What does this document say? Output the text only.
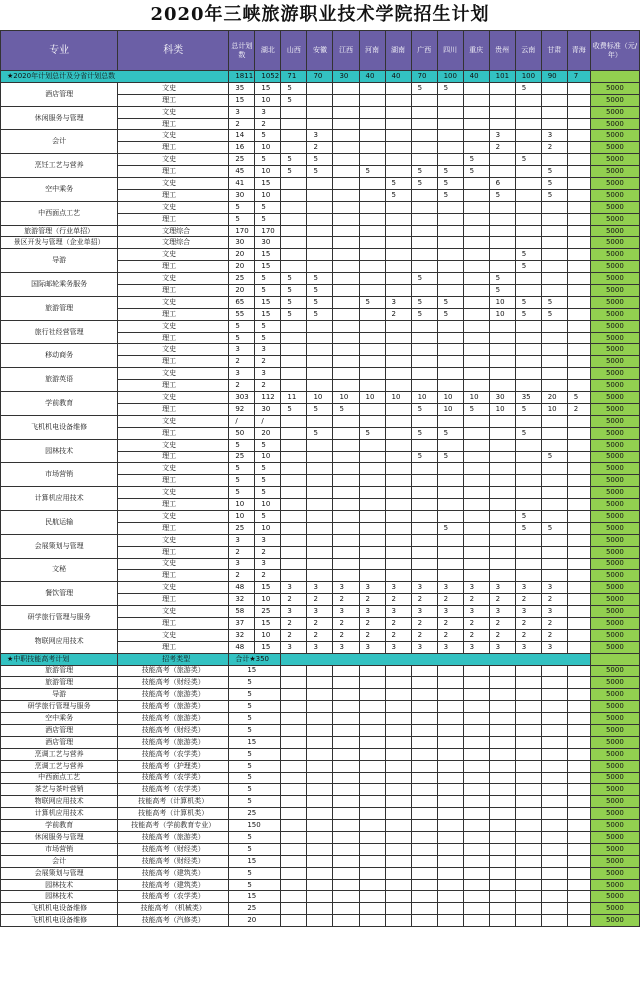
2020年三峡旅游职业技术学院招生计划
专业	科类	总计划数	湖北	山西	安徽	江西	河南	湖南	广西	四川	重庆	贵州	云南	甘肃	青海	收费标准（元/年）
★2020年计划总计及分省计划总数		1811	1052	71	70	30	40	40	70	100	40	101	100	90	7	
酒店管理	文史	35	15	5					5	5			5			5000
	理工	15	10	5												5000
休闲服务与管理	文史	3	3													5000
	理工	2	2													5000
会计	文史	14	5		3							3		3		5000
	理工	16	10		2							2		2		5000
烹饪工艺与营养	文史	25	5	5	5						5		5			5000
	理工	45	10	5	5		5		5	5	5			5		5000
空中乘务	文史	41	15					5	5	5		6		5		5000
	理工	30	10					5		5		5		5		5000
中西面点工艺	文史	5	5													5000
	理工	5	5													5000
旅游管理（行业单招）	文理综合	170	170													5000
景区开发与管理（企业单招）	文理综合	30	30													5000
导游	文史	20	15										5			5000
	理工	20	15										5			5000
国际邮轮乘务服务	文史	25	5	5	5				5			5				5000
	理工	20	5	5	5							5				5000
旅游管理	文史	65	15	5	5		5	3	5	5		10	5	5		5000
	理工	55	15	5	5			2	5	5		10	5	5		5000
旅行社经营管理	文史	5	5													5000
	理工	5	5													5000
移动商务	文史	3	3													5000
	理工	2	2													5000
旅游英语	文史	3	3													5000
	理工	2	2													5000
学前教育	文史	303	112	11	10	10	10	10	10	10	10	30	35	20	5	5000
	理工	92	30	5	5	5			5	10	5	10	5	10	2	5000
飞机机电设备维修	文史	/	/													5000
	理工	50	20		5		5		5	5			5			5000
园林技术	文史	5	5													5000
	理工	25	10						5	5				5		5000
市场营销	文史	5	5													5000
	理工	5	5													5000
计算机应用技术	文史	5	5													5000
	理工	10	10													5000
民航运输	文史	10	5										5			5000
	理工	25	10							5			5	5		5000
会展策划与管理	文史	3	3													5000
	理工	2	2													5000
文秘	文史	3	3													5000
	理工	2	2													5000
餐饮管理	文史	48	15	3	3	3	3	3	3	3	3	3	3	3		5000
	理工	32	10	2	2	2	2	2	2	2	2	2	2	2		5000
研学旅行管理与服务	文史	58	25	3	3	3	3	3	3	3	3	3	3	3		5000
	理工	37	15	2	2	2	2	2	2	2	2	2	2	2		5000
物联网应用技术	文史	32	10	2	2	2	2	2	2	2	2	2	2	2		5000
	理工	48	15	3	3	3	3	3	3	3	3	3	3	3		5000
★中职技能高考计划	招考类型	合计★350														
旅游管理	技能高考（旅游类）	15														5000
旅游管理	技能高考（财经类）	5														5000
导游	技能高考（旅游类）	5														5000
研学旅行管理与服务	技能高考（旅游类）	5														5000
空中乘务	技能高考（旅游类）	5														5000
酒店管理	技能高考（财经类）	5														5000
酒店管理	技能高考（旅游类）	15														5000
烹调工艺与营养	技能高考（农学类）	5														5000
烹调工艺与营养	技能高考（护理类）	5														5000
中西面点工艺	技能高考（农学类）	5														5000
茶艺与茶叶营销	技能高考（农学类）	5														5000
物联网应用技术	技能高考（计算机类）	5														5000
计算机应用技术	技能高考（计算机类）	25														5000
学前教育	技能高考（学前教育专业）	150														5000
休闲服务与管理	技能高考（旅游类）	5														5000
市场营销	技能高考（财经类）	5														5000
会计	技能高考（财经类）	15														5000
会展策划与管理	技能高考（建筑类）	5														5000
园林技术	技能高考（建筑类）	5														5000
园林技术	技能高考（农学类）	15														5000
飞机机电设备维修	技能高考 （机械类）	25														5000
飞机机电设备维修	技能高考（汽修类）	20														5000
